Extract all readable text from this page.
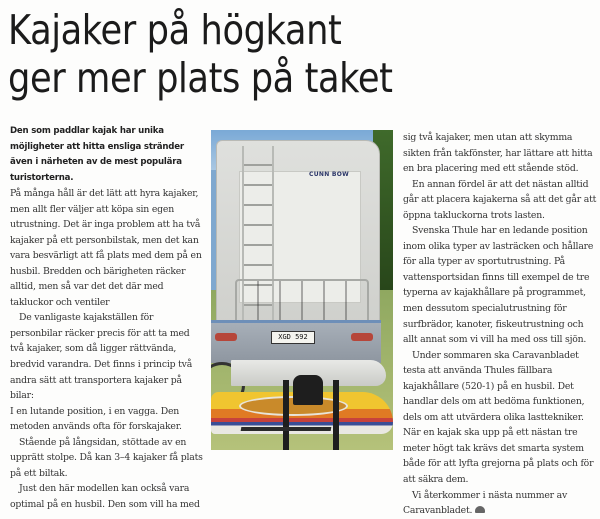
Kajaker på högkant
ger mer plats på taket

Den som paddlar kajak har unika möjligheter att hitta ensliga stränder även i närheten av de mest populära turistorterna.

På många håll är det lätt att hyra kajaker, men allt fler väljer att köpa sin egen utrustning. Det är inga problem att ha två kajaker på ett personbilstak, men det kan vara besvärligt att få plats med dem på en husbil. Bredden och bärigheten räcker alltid, men så var det det där med takluckor och ventiler

De vanligaste kajakställen för personbilar räcker precis för att ta med två kajaker, som då ligger rättvända, bredvid varandra. Det finns i princip två andra sätt att transportera kajaker på bilar:

I en lutande position, i en vagga. Den metoden används ofta för forskajaker.

Stående på långsidan, stöttade av en upprätt stolpe. Då kan 3–4 kajaker få plats på ett biltak.

Just den här modellen kan också vara optimal på en husbil. Den som vill ha med

CUNN BOW
XGD 592

sig två kajaker, men utan att skymma sikten från takfönster, har lättare att hitta en bra placering med ett stående stöd.

En annan fördel är att det nästan alltid går att placera kajakerna så att det går att öppna takluckorna trots lasten.

Svenska Thule har en ledande position inom olika typer av lasträcken och hållare för alla typer av sportutrustning. På vattensportsidan finns till exempel de tre typerna av kajakhållare på programmet, men dessutom specialutrustning för surfbrädor, kanoter, fiskeutrustning och allt annat som vi vill ha med oss till sjön.

Under sommaren ska Caravanbladet testa att använda Thules fällbara kajakhållare (520-1) på en husbil. Det handlar dels om att bedöma funktionen, dels om att utvärdera olika lasttekniker. När en kajak ska upp på ett nästan tre meter högt tak krävs det smarta system både för att lyfta grejorna på plats och för att säkra dem.

Vi återkommer i nästa nummer av Caravanbladet.
